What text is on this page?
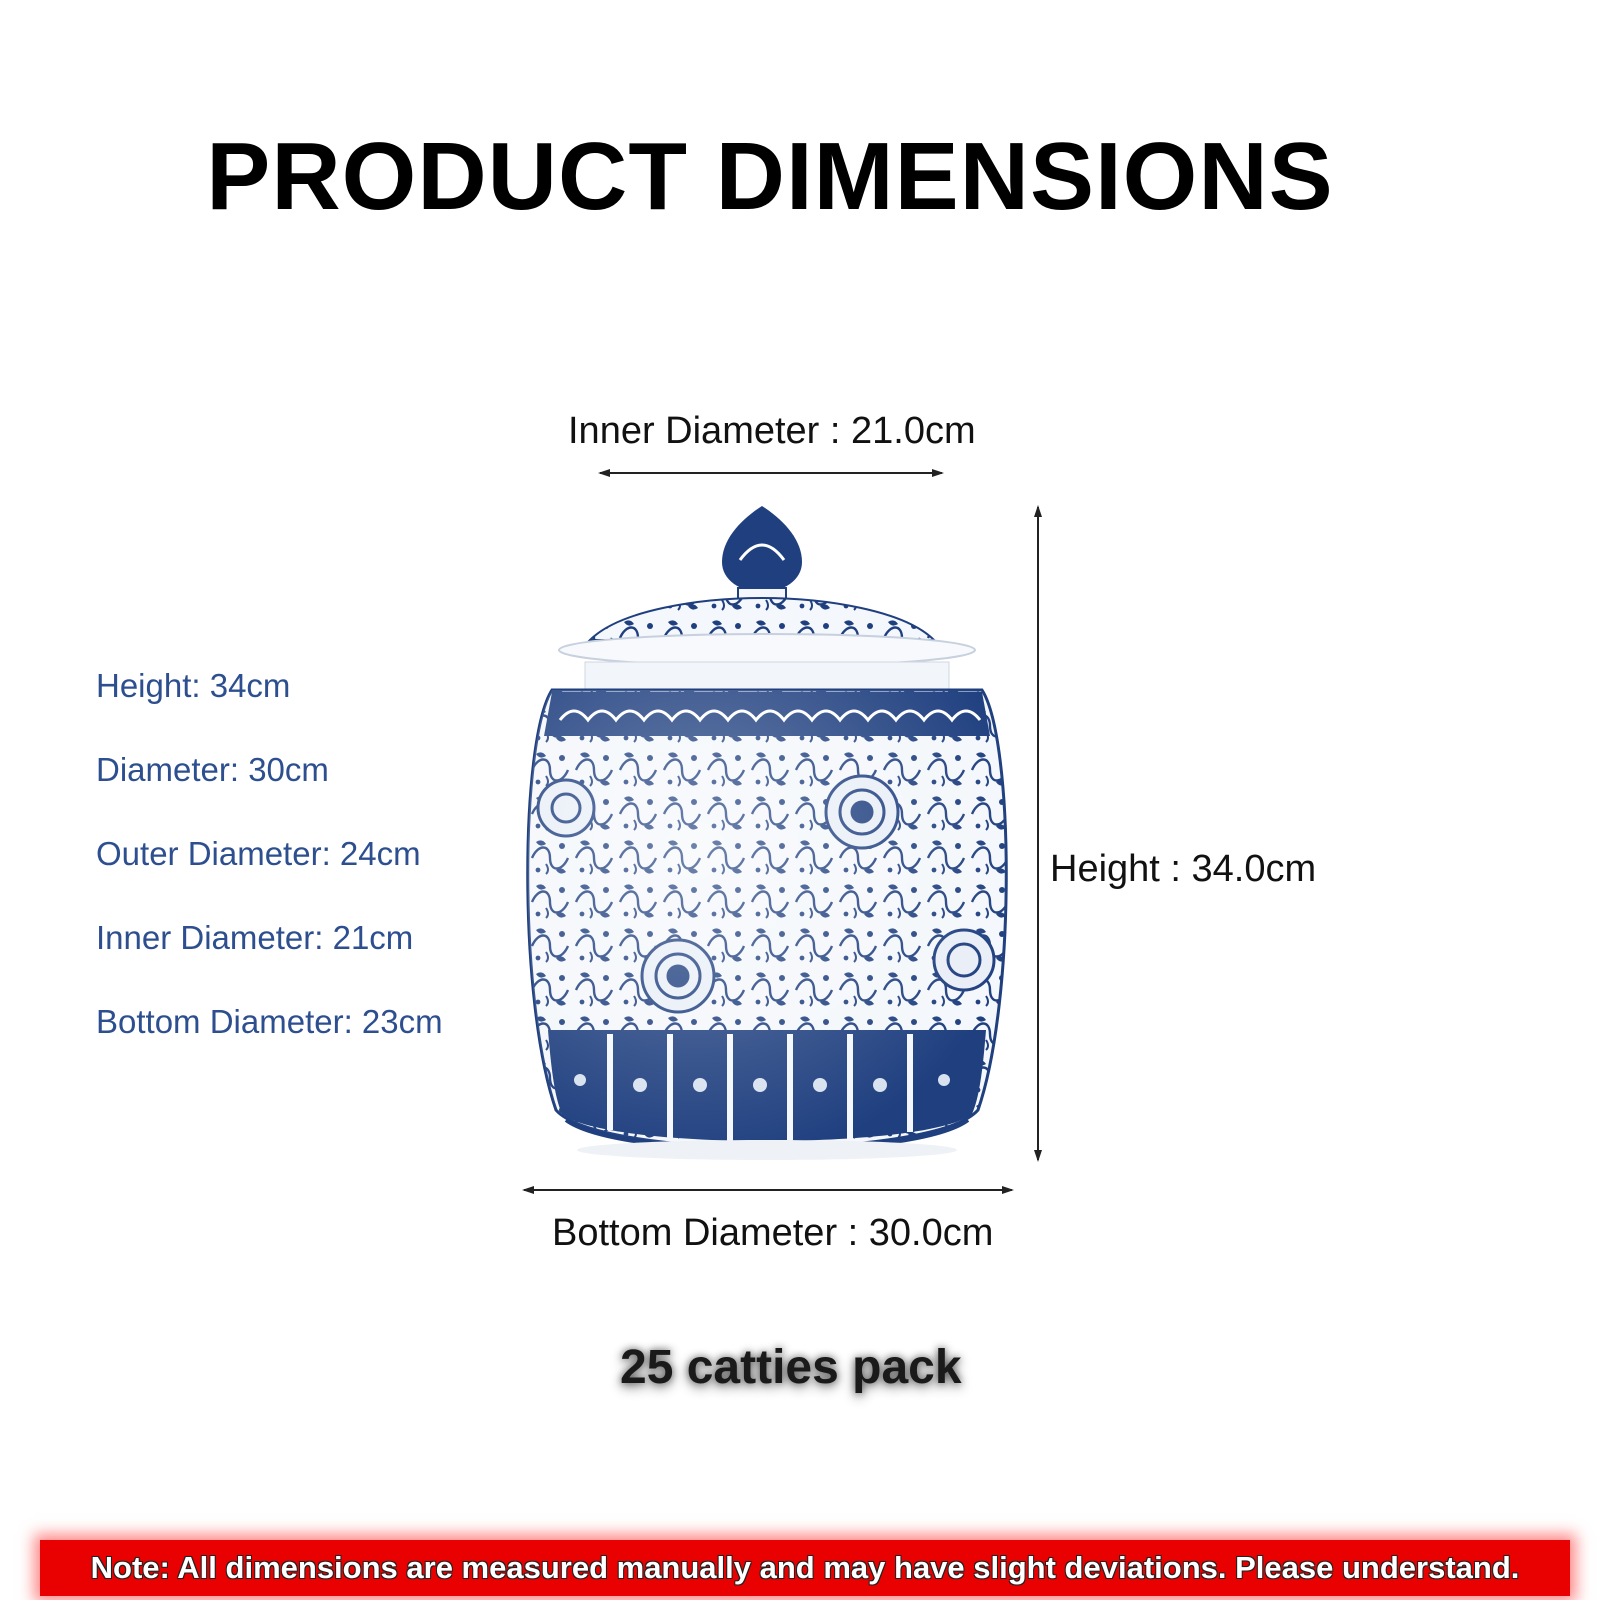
PRODUCT DIMENSIONS
Height: 34cm
Diameter: 30cm
Outer Diameter: 24cm
Inner Diameter: 21cm
Bottom Diameter: 23cm
Inner Diameter : 21.0cm
Height : 34.0cm
Bottom Diameter : 30.0cm
25 catties pack
Note: All dimensions are measured manually and may have slight deviations. Please understand.
